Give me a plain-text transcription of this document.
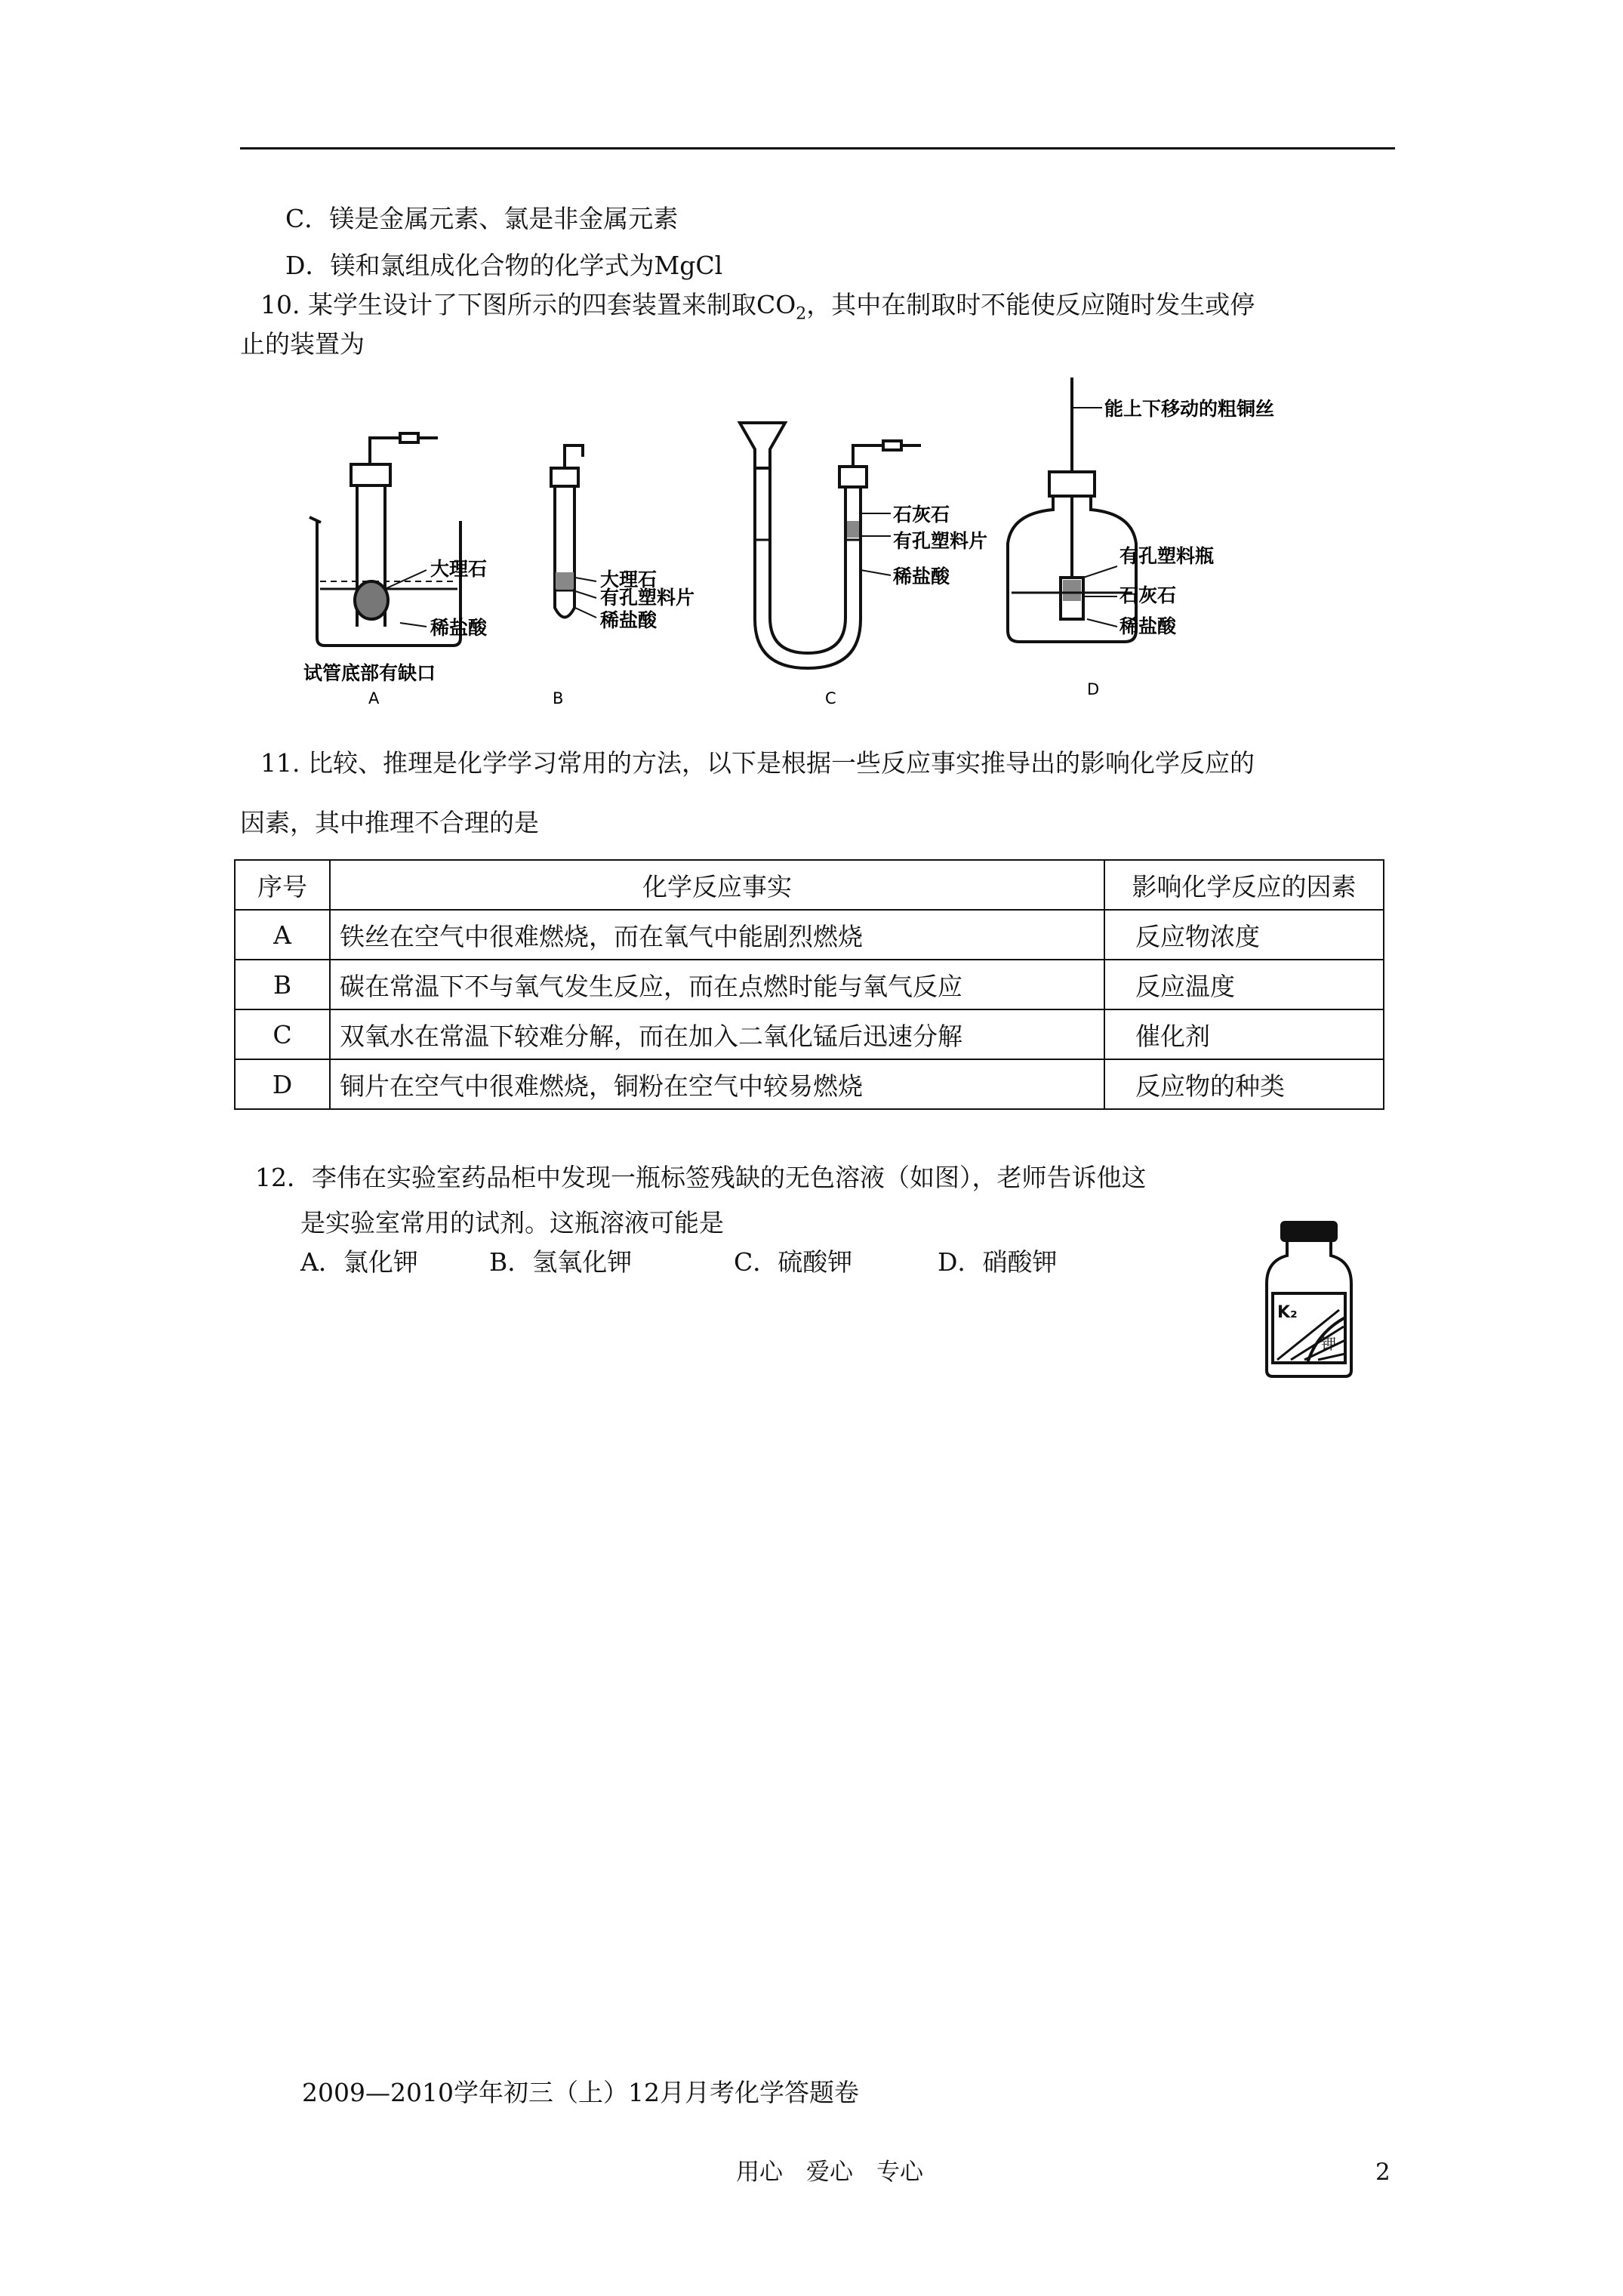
C．镁是金属元素、氯是非金属元素
D．镁和氯组成化合物的化学式为MgCl
10. 某学生设计了下图所示的四套装置来制取$CO_2$，其中在制取时不能使反应随时发生或停
止的装置为
大理石
稀盐酸
试管底部有缺口
A
大理石
有孔塑料片
稀盐酸
B
石灰石
有孔塑料片
稀盐酸
C
能上下移动的粗铜丝
有孔塑料瓶
石灰石
稀盐酸
D
11. 比较、推理是化学学习常用的方法，以下是根据一些反应事实推导出的影响化学反应的
因素，其中推理不合理的是
序号	化学反应事实	影响化学反应的因素
A	铁丝在空气中很难燃烧，而在氧气中能剧烈燃烧	反应物浓度
B	碳在常温下不与氧气发生反应，而在点燃时能与氧气反应	反应温度
C	双氧水在常温下较难分解，而在加入二氧化锰后迅速分解	催化剂
D	铜片在空气中很难燃烧，铜粉在空气中较易燃烧	反应物的种类
12．李伟在实验室药品柜中发现一瓶标签残缺的无色溶液（如图），老师告诉他这
是实验室常用的试剂。这瓶溶液可能是
A．氯化钾	B．氢氧化钾	C．硫酸钾	D．硝酸钾
K₂
钾
2009—2010学年初三（上）12月月考化学答题卷
用心　爱心　专心	2
